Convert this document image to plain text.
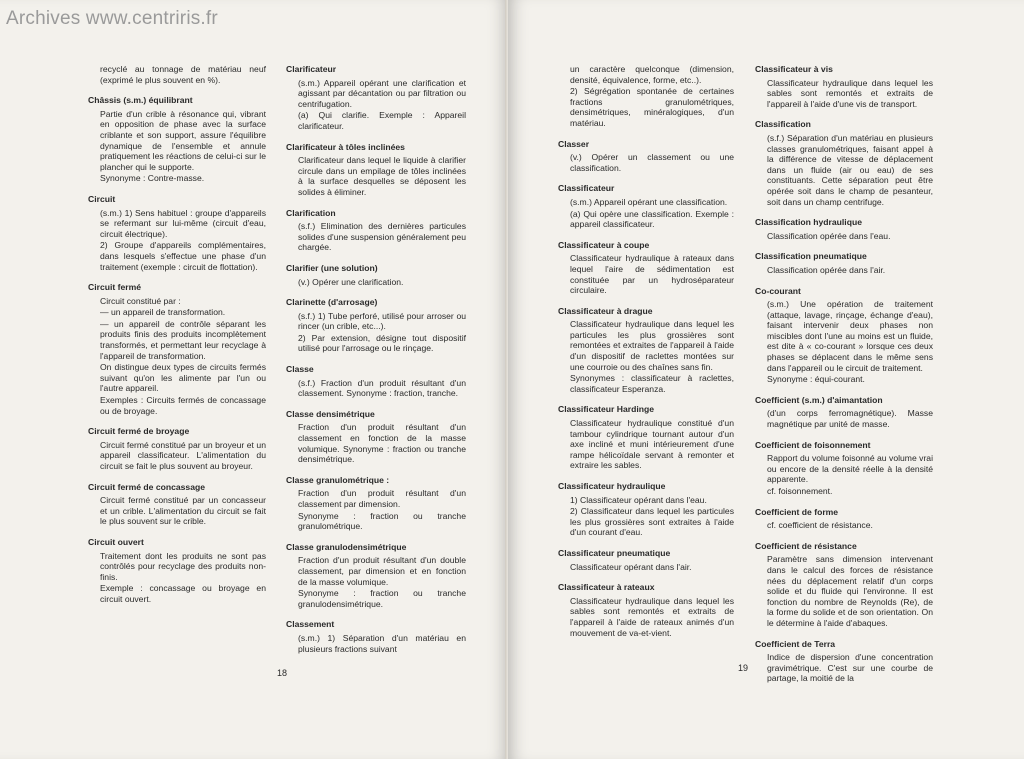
Archives www.centriris.fr

recyclé au tonnage de matériau neuf (exprimé le plus souvent en %).

Châssis (s.m.) équilibrant

Partie d'un crible à résonance qui, vibrant en opposition de phase avec la surface criblante et son support, assure l'équilibre dynamique de l'ensemble et annule pratiquement les réactions de celui-ci sur le plancher qui le supporte.

Synonyme : Contre-masse.

Circuit

(s.m.) 1) Sens habituel : groupe d'appareils se refermant sur lui-même (circuit d'eau, circuit électrique).

2) Groupe d'appareils complémentaires, dans lesquels s'effectue une phase d'un traitement (exemple : circuit de flottation).

Circuit fermé

Circuit constitué par :

— un appareil de transformation.

— un appareil de contrôle séparant les produits finis des produits incomplètement transformés, et permettant leur recyclage à l'appareil de transformation.

On distingue deux types de circuits fermés suivant qu'on les alimente par l'un ou l'autre appareil.

Exemples : Circuits fermés de concassage ou de broyage.

Circuit fermé de broyage

Circuit fermé constitué par un broyeur et un appareil classificateur. L'alimentation du circuit se fait le plus souvent au broyeur.

Circuit fermé de concassage

Circuit fermé constitué par un concasseur et un crible. L'alimentation du circuit se fait le plus souvent sur le crible.

Circuit ouvert

Traitement dont les produits ne sont pas contrôlés pour recyclage des produits non-finis.

Exemple : concassage ou broyage en circuit ouvert.

Clarificateur

(s.m.) Appareil opérant une clarification et agissant par décantation ou par filtration ou centrifugation.

(a) Qui clarifie. Exemple : Appareil clarificateur.

Clarificateur à tôles inclinées

Clarificateur dans lequel le liquide à clarifier circule dans un empilage de tôles inclinées à la surface desquelles se déposent les solides à éliminer.

Clarification

(s.f.) Elimination des dernières particules solides d'une suspension généralement peu chargée.

Clarifier (une solution)

(v.) Opérer une clarification.

Clarinette (d'arrosage)

(s.f.) 1) Tube perforé, utilisé pour arroser ou rincer (un crible, etc...).

2) Par extension, désigne tout dispositif utilisé pour l'arrosage ou le rinçage.

Classe

(s.f.) Fraction d'un produit résultant d'un classement. Synonyme : fraction, tranche.

Classe densimétrique

Fraction d'un produit résultant d'un classement en fonction de la masse volumique. Synonyme : fraction ou tranche densimétrique.

Classe granulométrique :

Fraction d'un produit résultant d'un classement par dimension.

Synonyme : fraction ou tranche granulométrique.

Classe granulodensimétrique

Fraction d'un produit résultant d'un double classement, par dimension et en fonction de la masse volumique.

Synonyme : fraction ou tranche granulodensimétrique.

Classement

(s.m.) 1) Séparation d'un matériau en plusieurs fractions suivant

18

un caractère quelconque (dimension, densité, équivalence, forme, etc..).

2) Ségrégation spontanée de certaines fractions granulométriques, densimétriques, minéralogiques, d'un matériau.

Classer

(v.) Opérer un classement ou une classification.

Classificateur

(s.m.) Appareil opérant une classification.

(a) Qui opère une classification. Exemple : appareil classificateur.

Classificateur à coupe

Classificateur hydraulique à rateaux dans lequel l'aire de sédimentation est constituée par un hydroséparateur circulaire.

Classificateur à drague

Classificateur hydraulique dans lequel les particules les plus grossières sont remontées et extraites de l'appareil à l'aide d'un dispositif de raclettes montées sur une courroie ou des chaînes sans fin.

Synonymes : classificateur à raclettes, classificateur Esperanza.

Classificateur Hardinge

Classificateur hydraulique constitué d'un tambour cylindrique tournant autour d'un axe incliné et muni intérieurement d'une rampe hélicoïdale servant à remonter et extraire les sables.

Classificateur hydraulique

1) Classificateur opérant dans l'eau.

2) Classificateur dans lequel les particules les plus grossières sont extraites à l'aide d'un courant d'eau.

Classificateur pneumatique

Classificateur opérant dans l'air.

Classificateur à rateaux

Classificateur hydraulique dans lequel les sables sont remontés et extraits de l'appareil à l'aide de rateaux animés d'un mouvement de va-et-vient.

Classificateur à vis

Classificateur hydraulique dans lequel les sables sont remontés et extraits de l'appareil à l'aide d'une vis de transport.

Classification

(s.f.) Séparation d'un matériau en plusieurs classes granulométriques, faisant appel à la différence de vitesse de déplacement dans un fluide (air ou eau) de ses constituants. Cette séparation peut être opérée soit dans le champ de pesanteur, soit dans un champ centrifuge.

Classification hydraulique

Classification opérée dans l'eau.

Classification pneumatique

Classification opérée dans l'air.

Co-courant

(s.m.) Une opération de traitement (attaque, lavage, rinçage, échange d'eau), faisant intervenir deux phases non miscibles dont l'une au moins est un fluide, est dite à « co-courant » lorsque ces deux phases se déplacent dans le même sens dans l'appareil ou le circuit de traitement.

Synonyme : équi-courant.

Coefficient (s.m.) d'aimantation

(d'un corps ferromagnétique). Masse magnétique par unité de masse.

Coefficient de foisonnement

Rapport du volume foisonné au volume vrai ou encore de la densité réelle à la densité apparente.

cf. foisonnement.

Coefficient de forme

cf. coefficient de résistance.

Coefficient de résistance

Paramètre sans dimension intervenant dans le calcul des forces de résistance nées du déplacement relatif d'un corps solide et du fluide qui l'environne. Il est fonction du nombre de Reynolds (Re), de la forme du solide et de son orientation. On le détermine à l'aide d'abaques.

Coefficient de Terra

Indice de dispersion d'une concentration gravimétrique. C'est sur une courbe de partage, la moitié de la

19
